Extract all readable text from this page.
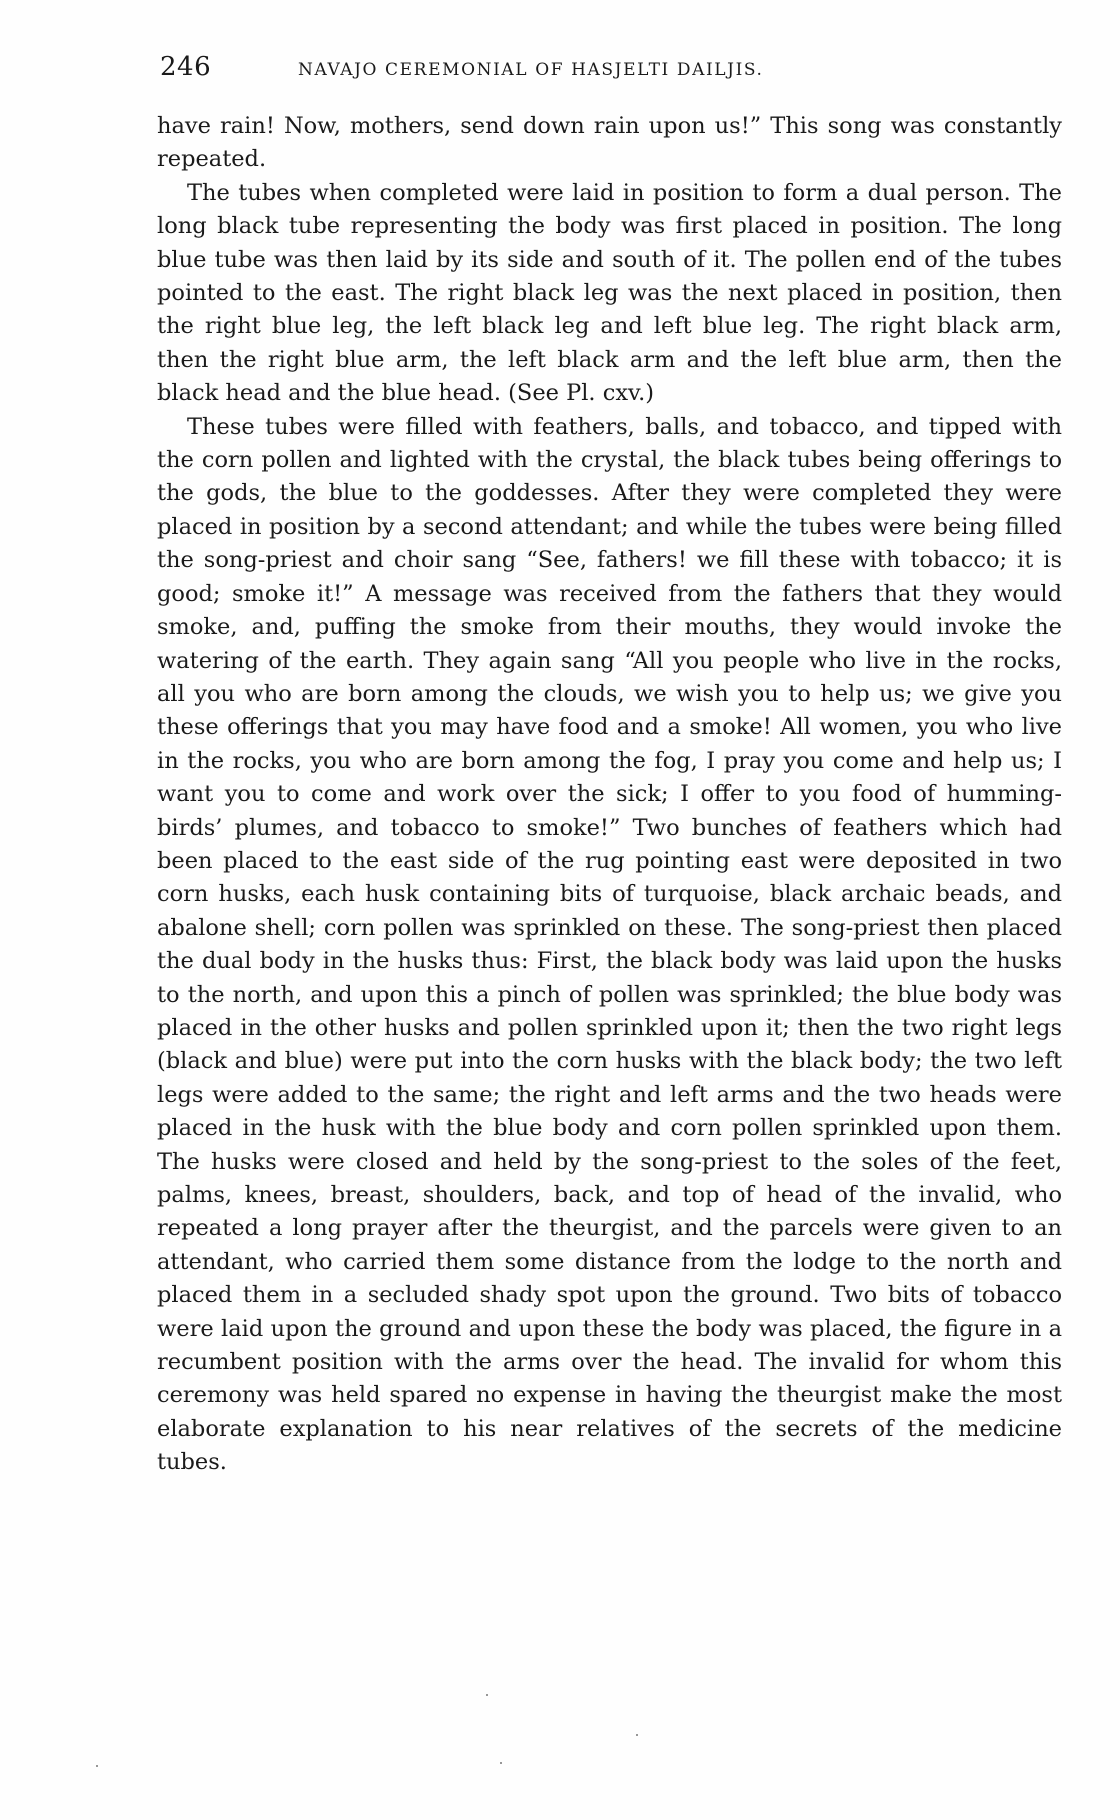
246	NAVAJO CEREMONIAL OF HASJELTI DAILJIS.

have rain! Now, mothers, send down rain upon us!” This song was constantly repeated.

The tubes when completed were laid in position to form a dual person. The long black tube representing the body was first placed in position. The long blue tube was then laid by its side and south of it. The pollen end of the tubes pointed to the east. The right black leg was the next placed in position, then the right blue leg, the left black leg and left blue leg. The right black arm, then the right blue arm, the left black arm and the left blue arm, then the black head and the blue head. (See Pl. cxv.)

These tubes were filled with feathers, balls, and tobacco, and tipped with the corn pollen and lighted with the crystal, the black tubes being offerings to the gods, the blue to the goddesses. After they were completed they were placed in position by a second attendant; and while the tubes were being filled the song-priest and choir sang “See, fathers! we fill these with tobacco; it is good; smoke it!” A message was received from the fathers that they would smoke, and, puffing the smoke from their mouths, they would invoke the watering of the earth. They again sang “All you people who live in the rocks, all you who are born among the clouds, we wish you to help us; we give you these offerings that you may have food and a smoke! All women, you who live in the rocks, you who are born among the fog, I pray you come and help us; I want you to come and work over the sick; I offer to you food of humming-birds’ plumes, and tobacco to smoke!” Two bunches of feathers which had been placed to the east side of the rug pointing east were deposited in two corn husks, each husk containing bits of turquoise, black archaic beads, and abalone shell; corn pollen was sprinkled on these. The song-priest then placed the dual body in the husks thus: First, the black body was laid upon the husks to the north, and upon this a pinch of pollen was sprinkled; the blue body was placed in the other husks and pollen sprinkled upon it; then the two right legs (black and blue) were put into the corn husks with the black body; the two left legs were added to the same; the right and left arms and the two heads were placed in the husk with the blue body and corn pollen sprinkled upon them. The husks were closed and held by the song-priest to the soles of the feet, palms, knees, breast, shoulders, back, and top of head of the invalid, who repeated a long prayer after the theurgist, and the parcels were given to an attendant, who carried them some distance from the lodge to the north and placed them in a secluded shady spot upon the ground. Two bits of tobacco were laid upon the ground and upon these the body was placed, the figure in a recumbent position with the arms over the head. The invalid for whom this ceremony was held spared no expense in having the theurgist make the most elaborate explanation to his near relatives of the secrets of the medicine tubes.
